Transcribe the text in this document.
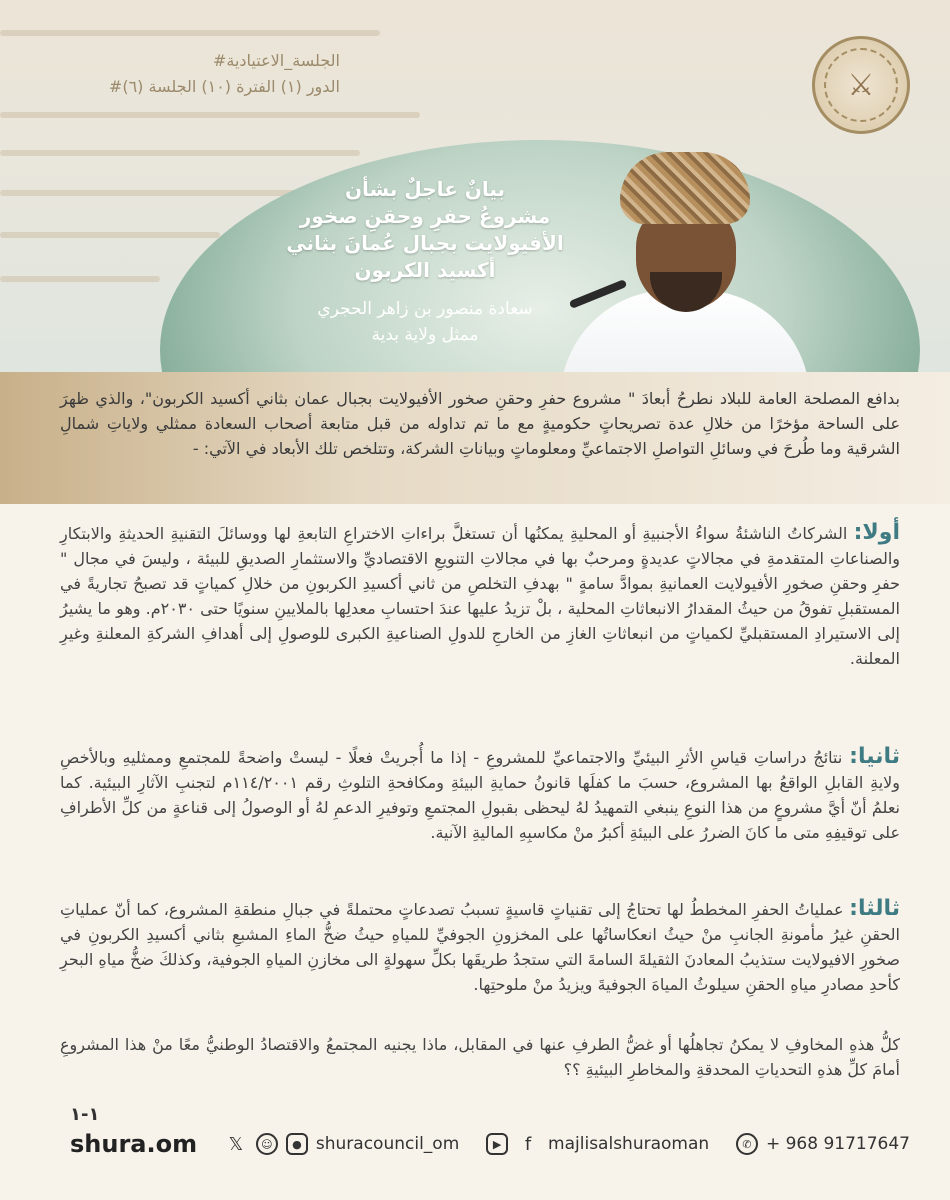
#الجلسة_الاعتيادية
#الدور (١) الفترة (١٠) الجلسة (٦)	⚔
بيانٌ عاجلٌ بشأن
مشروعُ حفرِ وحقنِ صخور
الأفيولايت بجبال عُمانَ بثاني
أكسيد الكربون
سعادة منصور بن زاهر الحجري
ممثل ولاية بدية

بدافع المصلحة العامة للبلاد نطرحُ أبعادَ " مشروع حفرِ وحقنِ صخور الأفيولايت بجبال عمان بثاني أكسيد الكربون"، والذي ظهرَ على الساحة مؤخرًا من خلالِ عدة تصريحاتٍ حكوميةٍ مع ما تم تداوله من قبل متابعة أصحاب السعادة ممثلي ولاياتِ شمالِ الشرقية وما طُرحَ في وسائلِ التواصلِ الاجتماعيِّ ومعلوماتٍ وبياناتِ الشركة، وتتلخص تلك الأبعاد في الآتي: -

أولا: الشركاتُ الناشئةُ سواءُ الأجنبيةِ أو المحليةِ يمكنُها أن تستغلَّ براءاتِ الاختراعِ التابعةِ لها ووسائلَ التقنيةِ الحديثةِ والابتكارِ والصناعاتِ المتقدمةِ في مجالاتٍ عديدةٍ ومرحبٌ بها في مجالاتِ التنويعِ الاقتصاديِّ والاستثمارِ الصديقِ للبيئة ، وليسَ في مجال " حفرِ وحقنِ صخورِ الأفيولايت العمانيةِ بموادَّ سامةٍ " بهدفِ التخلصِ من ثاني أكسيدِ الكربونِ من خلالِ كمياتٍ قد تصبحُ تجاريةً في المستقبلِ تفوقُ من حيثُ المقدارُ الانبعاثاتِ المحلية ، بلْ تزيدُ عليها عندَ احتسابِ معدلِها بالملايينِ سنويًا حتى ٢٠٣٠م. وهو ما يشيرُ إلى الاستيرادِ المستقبليِّ لكمياتٍ من انبعاثاتِ الغازِ من الخارجِ للدولِ الصناعيةِ الكبرى للوصولِ إلى أهدافِ الشركةِ المعلنةِ وغيرِ المعلنة.
ثانيا: نتائجُ دراساتِ قياسِ الأثرِ البيئيِّ والاجتماعيِّ للمشروعِ - إذا ما أُجريتْ فعلًا - ليستْ واضحةً للمجتمعِ وممثليهِ وبالأخصِ ولايةِ القابلِ الواقعُ بها المشروع، حسبَ ما كفلَها قانونُ حمايةِ البيئةِ ومكافحةِ التلوثِ رقم ١١٤/٢٠٠١م لتجنبِ الآثارِ البيئية. كما نعلمُ أنّ أيَّ مشروعٍ من هذا النوعِ ينبغي التمهيدُ لهُ ليحظى بقبولِ المجتمعِ وتوفيرِ الدعمِ لهُ أو الوصولُ إلى قناعةٍ من كلِّ الأطرافِ على توقيفِهِ متى ما كانَ الضررُ على البيئةِ أكبرُ منْ مكاسبِهِ الماليةِ الآنية.
ثالثا: عملياتُ الحفرِ المخططُ لها تحتاجُ إلى تقنياتٍ قاسيةٍ تسببُ تصدعاتٍ محتملةً في جبالِ منطقةِ المشروع، كما أنّ عملياتِ الحقنِ غيرُ مأمونةِ الجانبِ منْ حيثُ انعكاساتُها على المخزونِ الجوفيِّ للمياهِ حيثُ ضخُّ الماءِ المشبعِ بثاني أكسيدِ الكربونِ في صخورِ الافيولايت ستذيبُ المعادنَ الثقيلةَ السامةَ التي ستجدُ طريقَها بكلِّ سهولةٍ الى مخازنِ المياهِ الجوفية، وكذلكَ ضخُّ مياهِ البحرِ كأحدِ مصادرِ مياهِ الحقنِ سيلوثُ المياهَ الجوفيةَ ويزيدُ منْ ملوحتِها.
كلُّ هذهِ المخاوفِ لا يمكنُ تجاهلُها أو غضُّ الطرفِ عنها في المقابل، ماذا يجنيه المجتمعُ والاقتصادُ الوطنيُّ معًا منْ هذا المشروعِ أمامَ كلِّ هذهِ التحدياتِ المحدقةِ والمخاطرِ البيئيةِ ؟؟
١-١
shura.om 𝕏	☺	● shuracouncil_om	▶	f majlisalshuraoman	✆ + 968 91717647
